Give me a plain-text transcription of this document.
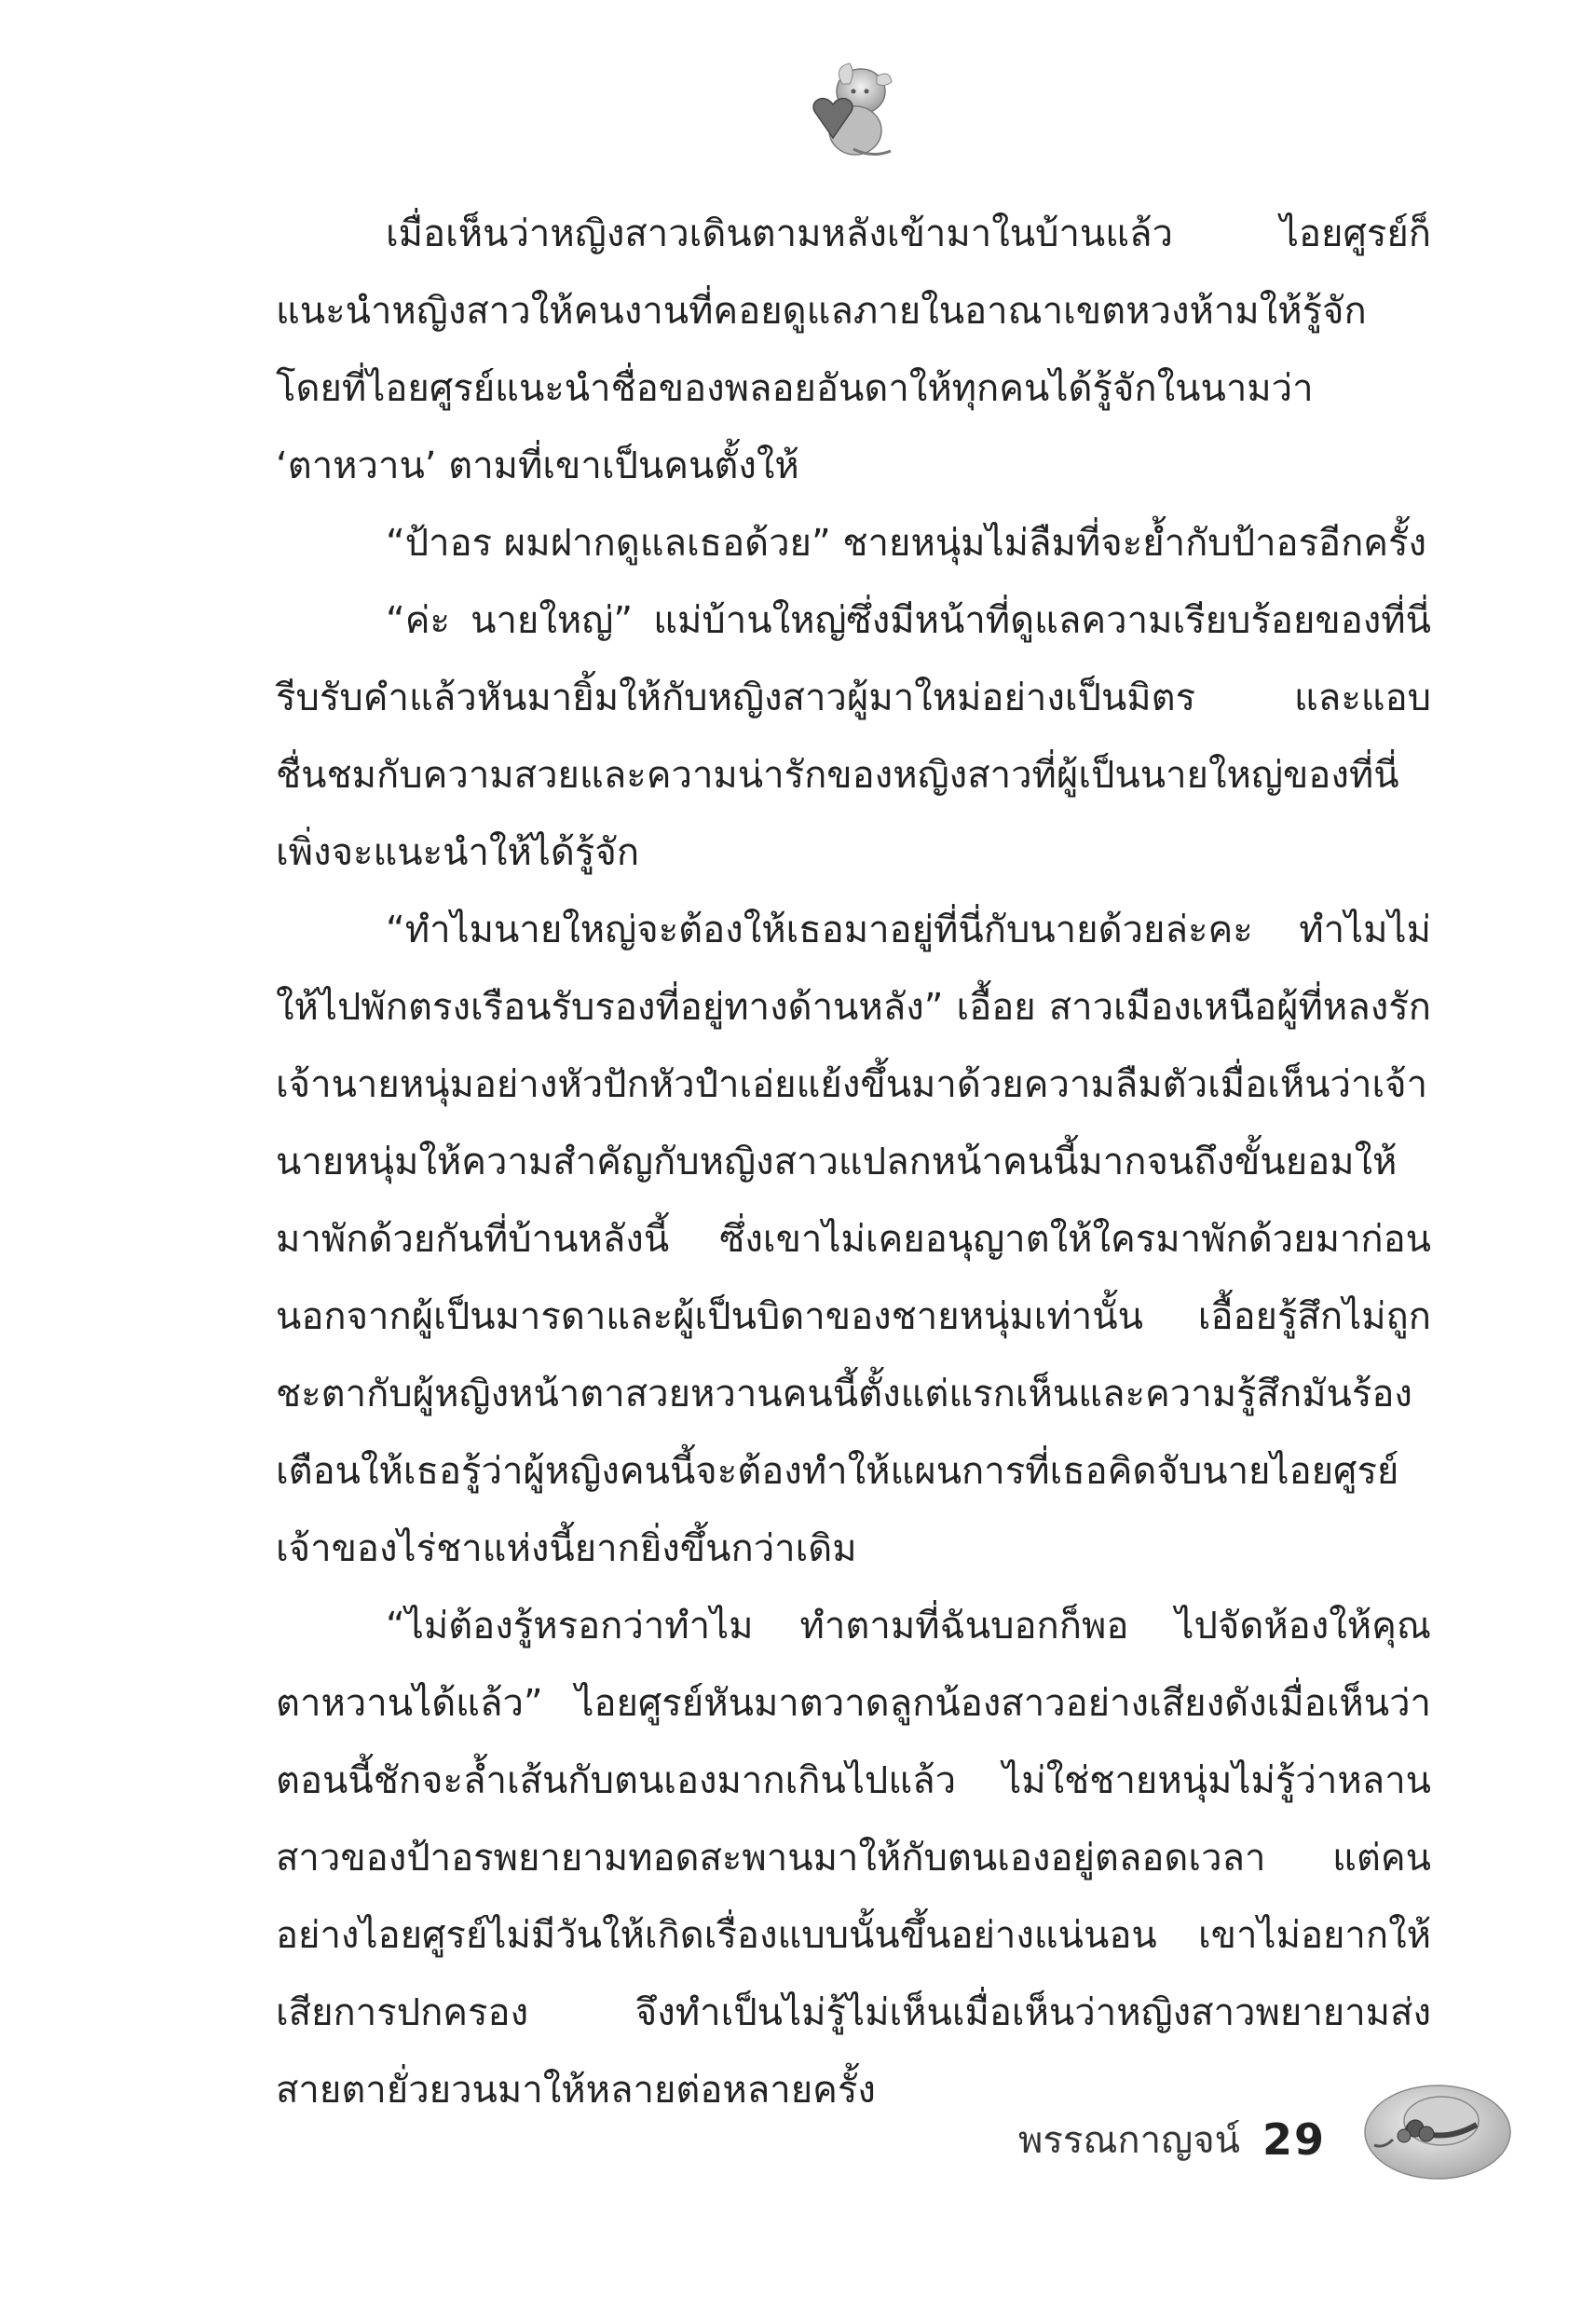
เมื่อเห็นว่าหญิงสาวเดินตามหลังเข้ามาในบ้านแล้ว ไอยศูรย์ก็แนะนำหญิงสาวให้คนงานที่คอยดูแลภายในอาณาเขตหวงห้ามให้รู้จัก โดยที่ไอยศูรย์แนะนำชื่อของพลอยอันดาให้ทุกคนได้รู้จักในนามว่า ‘ตาหวาน’ ตามที่เขาเป็นคนตั้งให้

“ป้าอร ผมฝากดูแลเธอด้วย” ชายหนุ่มไม่ลืมที่จะย้ำกับป้าอรอีกครั้ง

“ค่ะ นายใหญ่” แม่บ้านใหญ่ซึ่งมีหน้าที่ดูแลความเรียบร้อยของที่นี่รีบรับคำแล้วหันมายิ้มให้กับหญิงสาวผู้มาใหม่อย่างเป็นมิตร และแอบชื่นชมกับความสวยและความน่ารักของหญิงสาวที่ผู้เป็นนายใหญ่ของที่นี่เพิ่งจะแนะนำให้ได้รู้จัก

“ทำไมนายใหญ่จะต้องให้เธอมาอยู่ที่นี่กับนายด้วยล่ะคะ ทำไมไม่ให้ไปพักตรงเรือนรับรองที่อยู่ทางด้านหลัง” เอื้อย สาวเมืองเหนือผู้ที่หลงรักเจ้านายหนุ่มอย่างหัวปักหัวปำเอ่ยแย้งขึ้นมาด้วยความลืมตัวเมื่อเห็นว่าเจ้านายหนุ่มให้ความสำคัญกับหญิงสาวแปลกหน้าคนนี้มากจนถึงขั้นยอมให้มาพักด้วยกันที่บ้านหลังนี้ ซึ่งเขาไม่เคยอนุญาตให้ใครมาพักด้วยมาก่อนนอกจากผู้เป็นมารดาและผู้เป็นบิดาของชายหนุ่มเท่านั้น เอื้อยรู้สึกไม่ถูกชะตากับผู้หญิงหน้าตาสวยหวานคนนี้ตั้งแต่แรกเห็นและความรู้สึกมันร้องเตือนให้เธอรู้ว่าผู้หญิงคนนี้จะต้องทำให้แผนการที่เธอคิดจับนายไอยศูรย์ เจ้าของไร่ชาแห่งนี้ยากยิ่งขึ้นกว่าเดิม

“ไม่ต้องรู้หรอกว่าทำไม ทำตามที่ฉันบอกก็พอ ไปจัดห้องให้คุณตาหวานได้แล้ว” ไอยศูรย์หันมาตวาดลูกน้องสาวอย่างเสียงดังเมื่อเห็นว่าตอนนี้ชักจะล้ำเส้นกับตนเองมากเกินไปแล้ว ไม่ใช่ชายหนุ่มไม่รู้ว่าหลานสาวของป้าอรพยายามทอดสะพานมาให้กับตนเองอยู่ตลอดเวลา แต่คนอย่างไอยศูรย์ไม่มีวันให้เกิดเรื่องแบบนั้นขึ้นอย่างแน่นอน เขาไม่อยากให้เสียการปกครอง จึงทำเป็นไม่รู้ไม่เห็นเมื่อเห็นว่าหญิงสาวพยายามส่งสายตายั่วยวนมาให้หลายต่อหลายครั้ง

พรรณกาญจน์ 29
